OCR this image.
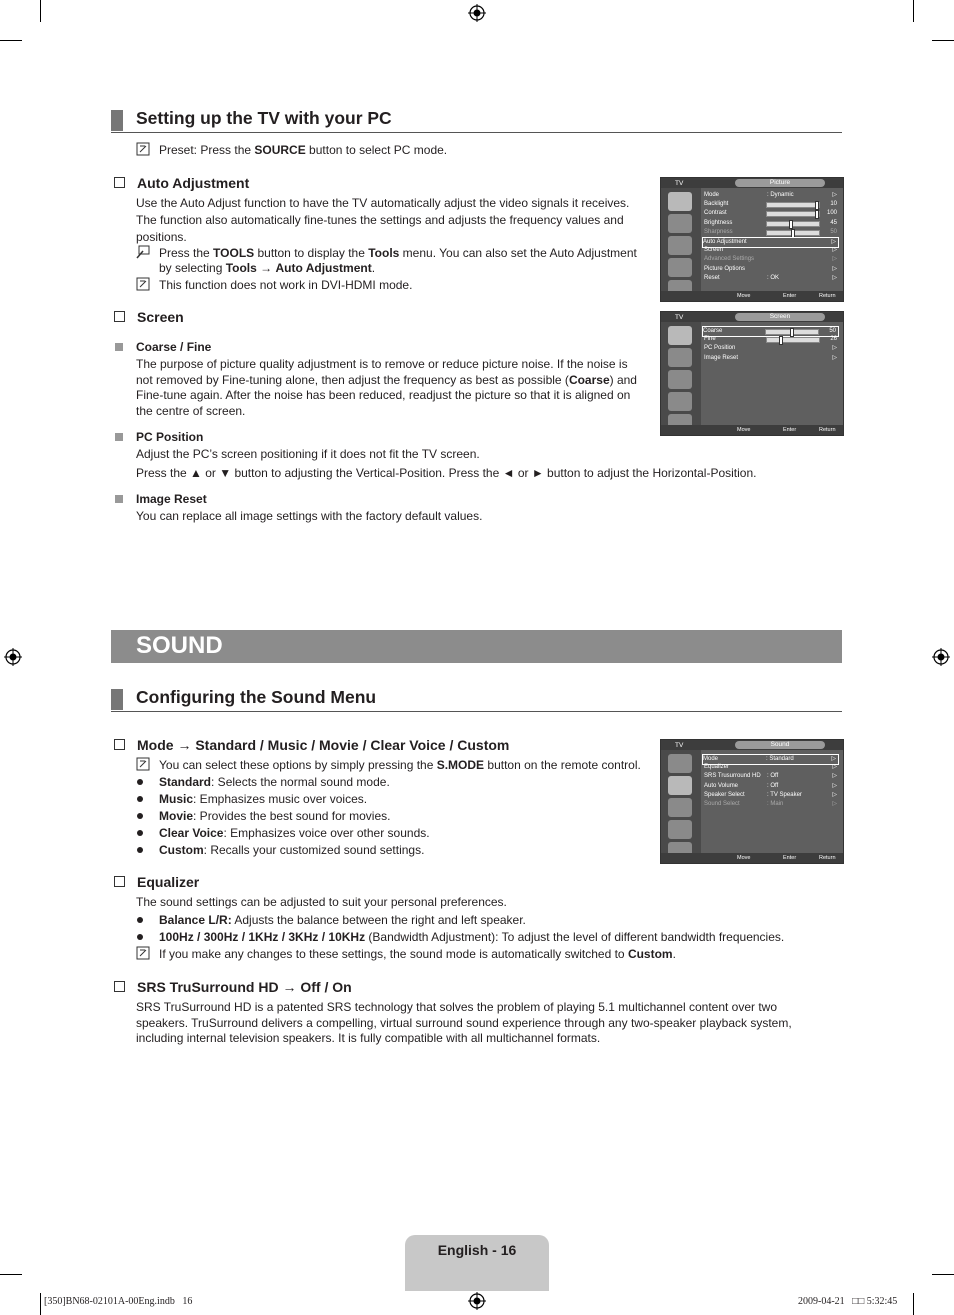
Setting up the TV with your PC
Preset: Press the SOURCE button to select PC mode.
Auto Adjustment
Use the Auto Adjust function to have the TV automatically adjust the video signals it receives.
The function also automatically fine-tunes the settings and adjusts the frequency values and
positions.
Press the TOOLS button to display the Tools menu. You can also set the Auto Adjustment
by selecting Tools → Auto Adjustment.
This function does not work in DVI-HDMI mode.
Screen
Coarse / Fine
The purpose of picture quality adjustment is to remove or reduce picture noise. If the noise is
not removed by Fine-tuning alone, then adjust the frequency as best as possible (Coarse) and
Fine-tune again. After the noise has been reduced, readjust the picture so that it is aligned on
the centre of screen.
PC Position
Adjust the PC’s screen positioning if it does not fit the TV screen.
Press the ▲ or ▼ button to adjusting the Vertical-Position. Press the ◄ or ► button to adjust the Horizontal-Position.
Image Reset
You can replace all image settings with the factory default values.
TV	Picture
Mode	: Dynamic	▷
Backlight	10
Contrast	100
Brightness	45
Sharpness	50
Auto Adjustment	▷
Screen	▷
Advanced Settings	▷
Picture Options	▷
Reset	: OK	▷
Move	Enter	Return
TV	Screen
Coarse	50
Fine	26
PC Position	▷
Image Reset	▷
Move	Enter	Return
SOUND
Configuring the Sound Menu
Mode → Standard / Music / Movie / Clear Voice / Custom
You can select these options by simply pressing the S.MODE button on the remote control.
Standard: Selects the normal sound mode.
Music: Emphasizes music over voices.
Movie: Provides the best sound for movies.
Clear Voice: Emphasizes voice over other sounds.
Custom: Recalls your customized sound settings.
TV	Sound
Mode	: Standard	▷
Equalizer	▷
SRS Trusurround HD : Off	▷
Auto Volume	: Off	▷
Speaker Select	: TV Speaker	▷
Sound Select	: Main	▷
Move	Enter	Return
Equalizer
The sound settings can be adjusted to suit your personal preferences.
Balance L/R: Adjusts the balance between the right and left speaker.
100Hz / 300Hz / 1KHz / 3KHz / 10KHz (Bandwidth Adjustment): To adjust the level of different bandwidth frequencies.
If you make any changes to these settings, the sound mode is automatically switched to Custom.
SRS TruSurround HD → Off / On
SRS TruSurround HD is a patented SRS technology that solves the problem of playing 5.1 multichannel content over two
speakers. TruSurround delivers a compelling, virtual surround sound experience through any two-speaker playback system,
including internal television speakers. It is fully compatible with all multichannel formats.
English - 16
[350]BN68-02101A-00Eng.indb   16	2009-04-21   □□ 5:32:45
